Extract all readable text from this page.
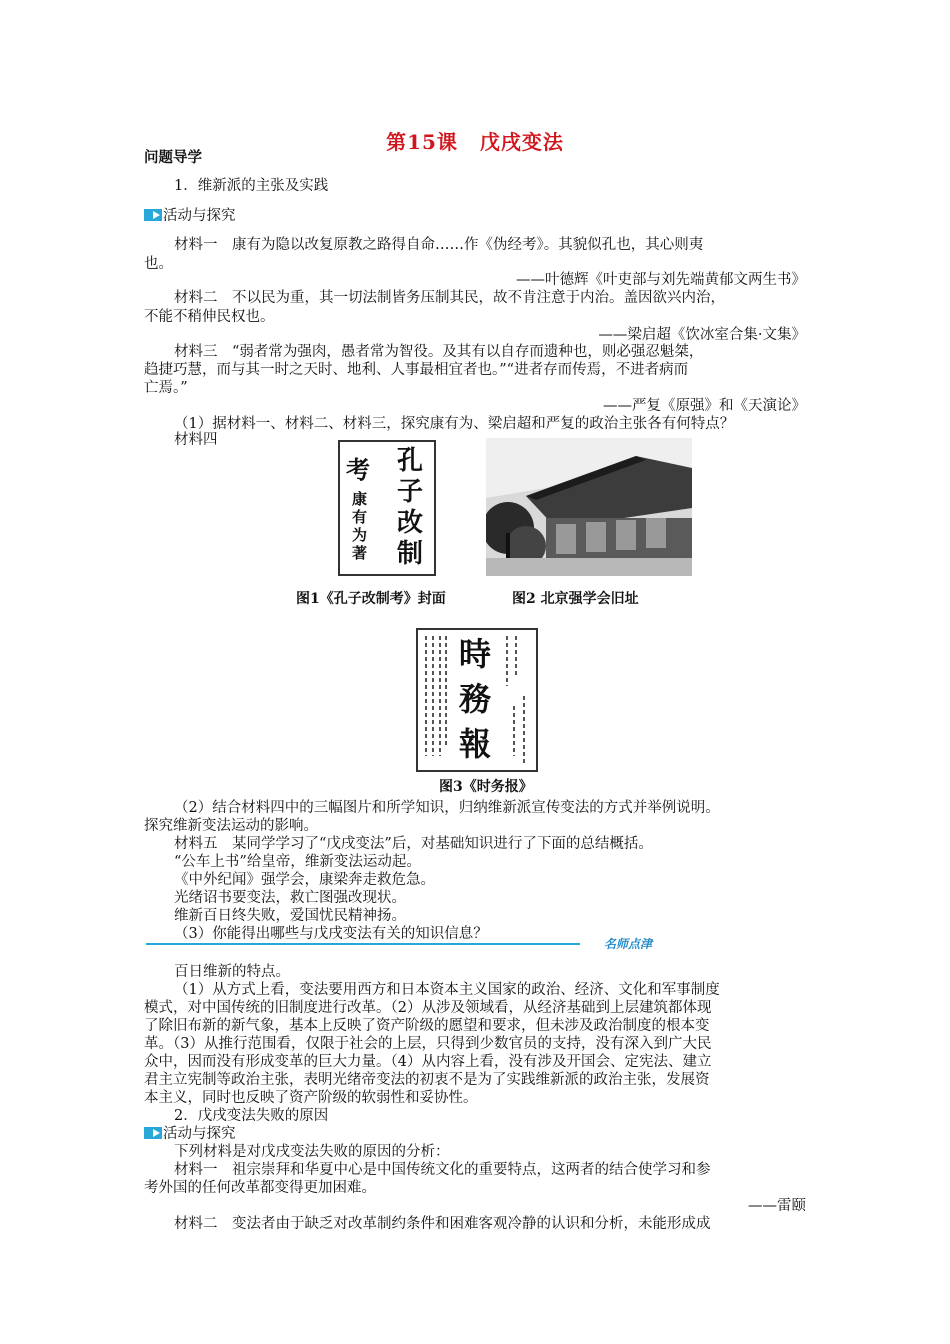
第15课 戊戌变法
问题导学
1．维新派的主张及实践
活动与探究
材料一　康有为隐以改复原教之路得自命……作《伪经考》。其貌似孔也，其心则夷
也。
——叶德辉《叶吏部与刘先端黄郁文两生书》
材料二　不以民为重，其一切法制皆务压制其民，故不肯注意于内治。盖因欲兴内治，
不能不稍伸民权也。
——梁启超《饮冰室合集·文集》
材料三　“弱者常为强肉，愚者常为智役。及其有以自存而遗种也，则必强忍魁桀，
趋捷巧慧，而与其一时之天时、地利、人事最相宜者也。”“进者存而传焉，不进者病而
亡焉。”
——严复《原强》和《天演论》
（1）据材料一、材料二、材料三，探究康有为、梁启超和严复的政治主张各有何特点？
材料四
孔
子
改
制
考
康
有
为
著
图1《孔子改制考》封面	图2 北京强学会旧址
時
務
報
图3《时务报》
（2）结合材料四中的三幅图片和所学知识，归纳维新派宣传变法的方式并举例说明。
探究维新变法运动的影响。
材料五　某同学学习了“戊戌变法”后，对基础知识进行了下面的总结概括。
“公车上书”给皇帝，维新变法运动起。
《中外纪闻》强学会，康梁奔走救危急。
光绪诏书要变法，救亡图强改现状。
维新百日终失败，爱国忧民精神扬。
（3）你能得出哪些与戊戌变法有关的知识信息？
百日维新的特点。
（1）从方式上看，变法要用西方和日本资本主义国家的政治、经济、文化和军事制度
模式，对中国传统的旧制度进行改革。（2）从涉及领域看，从经济基础到上层建筑都体现
了除旧布新的新气象，基本上反映了资产阶级的愿望和要求，但未涉及政治制度的根本变
革。（3）从推行范围看，仅限于社会的上层，只得到少数官员的支持，没有深入到广大民
众中，因而没有形成变革的巨大力量。（4）从内容上看，没有涉及开国会、定宪法、建立
君主立宪制等政治主张，表明光绪帝变法的初衷不是为了实践维新派的政治主张，发展资
本主义，同时也反映了资产阶级的软弱性和妥协性。
2．戊戌变法失败的原因
活动与探究
下列材料是对戊戌变法失败的原因的分析：
材料一　祖宗崇拜和华夏中心是中国传统文化的重要特点，这两者的结合使学习和参
考外国的任何改革都变得更加困难。
——雷颐
材料二　变法者由于缺乏对改革制约条件和困难客观冷静的认识和分析，未能形成成
名师点津
